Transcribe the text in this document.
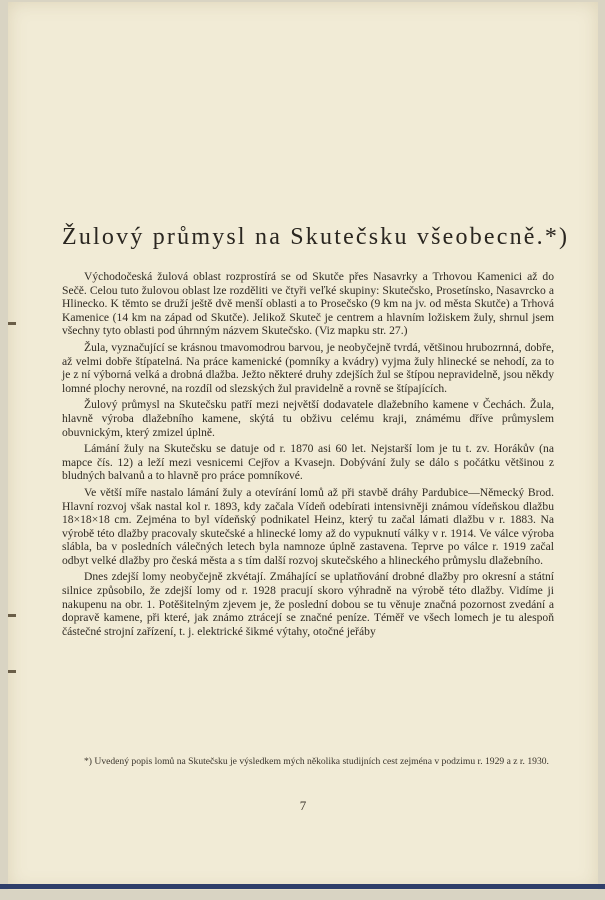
Žulový průmysl na Skutečsku všeobecně.*)

Východočeská žulová oblast rozprostírá se od Skutče přes Nasavrky a Trhovou Kamenici až do Sečě. Celou tuto žulovou oblast lze rozděliti ve čtyři veľké skupiny: Skutečsko, Prosetínsko, Nasavrcko a Hlinecko. K těmto se druží ještě dvě menší oblasti a to Prosečsko (9 km na jv. od města Skutče) a Trhová Kamenice (14 km na západ od Skutče). Jelikož Skuteč je centrem a hlavním ložiskem žuly, shrnul jsem všechny tyto oblasti pod úhrnným názvem Skutečsko. (Viz mapku str. 27.)

Žula, vyznačující se krásnou tmavomodrou barvou, je neobyčejně tvrdá, většinou hrubozrnná, dobře, až velmi dobře štípatelná. Na práce kamenické (pomníky a kvádry) vyjma žuly hlinecké se nehodí, za to je z ní výborná velká a drobná dlažba. Ježto některé druhy zdejších žul se štípou nepravidelně, jsou někdy lomné plochy nerovné, na rozdíl od slezských žul pravidelně a rovně se štípajících.

Žulový průmysl na Skutečsku patří mezi největší dodavatele dlažebního kamene v Čechách. Žula, hlavně výroba dlažebního kamene, skýtá tu obživu celému kraji, známému dříve průmyslem obuvnickým, který zmizel úplně.

Lámání žuly na Skutečsku se datuje od r. 1870 asi 60 let. Nejstarší lom je tu t. zv. Horákův (na mapce čís. 12) a leží mezi vesnicemi Cejřov a Kvasejn. Dobývání žuly se dálo s počátku většinou z bludných balvanů a to hlavně pro práce pomníkové.

Ve větší míře nastalo lámání žuly a otevírání lomů až při stavbě dráhy Pardubice—Německý Brod. Hlavní rozvoj však nastal kol r. 1893, kdy začala Vídeň odebírati intensivněji známou vídeňskou dlažbu 18×18×18 cm. Zejména to byl vídeňský podnikatel Heinz, který tu začal lámati dlažbu v r. 1883. Na výrobě této dlažby pracovaly skutečské a hlinecké lomy až do vypuknutí války v r. 1914. Ve válce výroba slábla, ba v posledních válečných letech byla namnoze úplně zastavena. Teprve po válce r. 1919 začal odbyt velké dlažby pro česká města a s tím další rozvoj skutečského a hlineckého průmyslu dlažebního.

Dnes zdejší lomy neobyčejně zkvétají. Zmáhající se uplatňování drobné dlažby pro okresní a státní silnice způsobilo, že zdejší lomy od r. 1928 pracují skoro výhradně na výrobě této dlažby. Vidíme ji nakupenu na obr. 1. Potěšitelným zjevem je, že poslední dobou se tu věnuje značná pozornost zvedání a dopravě kamene, při které, jak známo ztrácejí se značné peníze. Téměř ve všech lomech je tu alespoň částečné strojní zařízení, t. j. elektrické šikmé výtahy, otočné jeřáby

*) Uvedený popis lomů na Skutečsku je výsledkem mých několika studijních cest zejména v podzimu r. 1929 a z r. 1930.
7
